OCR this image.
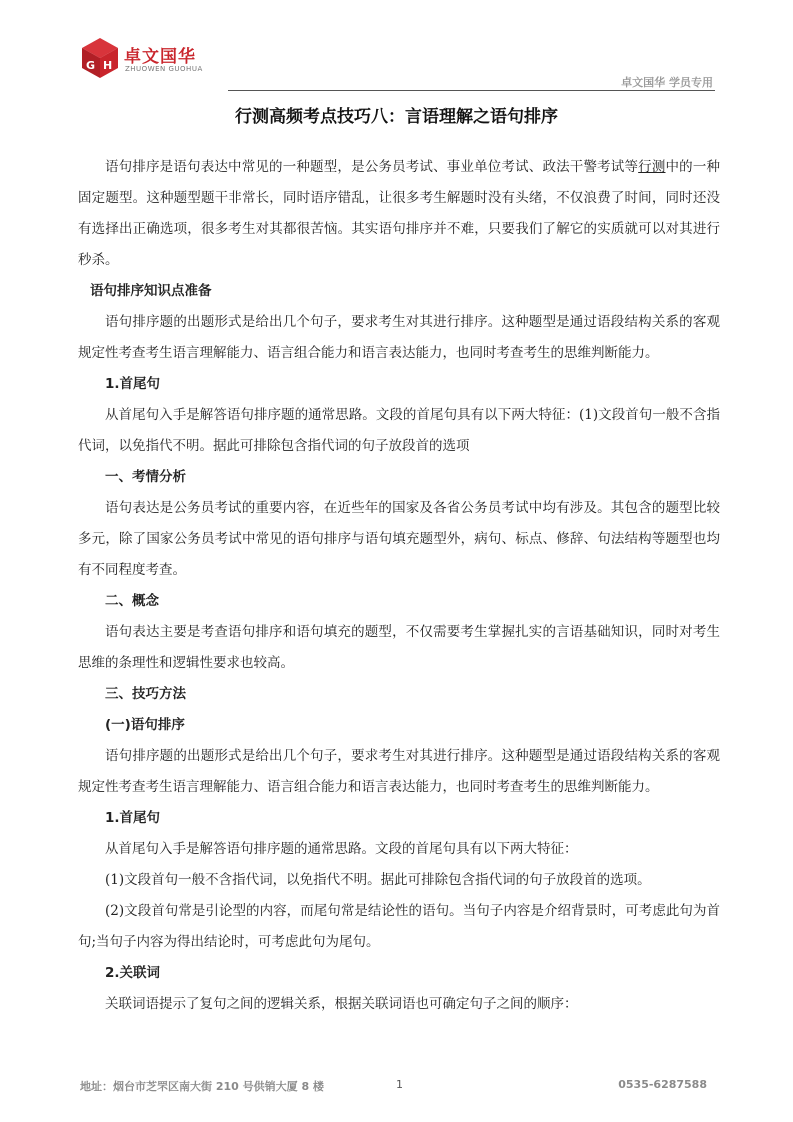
G H 卓文国华
ZHUOWEN GUOHUA
卓文国华 学员专用
行测高频考点技巧八：言语理解之语句排序

语句排序是语句表达中常见的一种题型，是公务员考试、事业单位考试、政法干警考试等行测中的一种固定题型。这种题型题干非常长，同时语序错乱，让很多考生解题时没有头绪，不仅浪费了时间，同时还没有选择出正确选项，很多考生对其都很苦恼。其实语句排序并不难，只要我们了解它的实质就可以对其进行秒杀。

语句排序知识点准备

语句排序题的出题形式是给出几个句子，要求考生对其进行排序。这种题型是通过语段结构关系的客观规定性考查考生语言理解能力、语言组合能力和语言表达能力，也同时考查考生的思维判断能力。

1.首尾句

从首尾句入手是解答语句排序题的通常思路。文段的首尾句具有以下两大特征：(1)文段首句一般不含指代词，以免指代不明。据此可排除包含指代词的句子放段首的选项

一、考情分析

语句表达是公务员考试的重要内容，在近些年的国家及各省公务员考试中均有涉及。其包含的题型比较多元，除了国家公务员考试中常见的语句排序与语句填充题型外，病句、标点、修辞、句法结构等题型也均有不同程度考查。

二、概念

语句表达主要是考查语句排序和语句填充的题型，不仅需要考生掌握扎实的言语基础知识，同时对考生思维的条理性和逻辑性要求也较高。

三、技巧方法

(一)语句排序

语句排序题的出题形式是给出几个句子，要求考生对其进行排序。这种题型是通过语段结构关系的客观规定性考查考生语言理解能力、语言组合能力和语言表达能力，也同时考查考生的思维判断能力。

1.首尾句

从首尾句入手是解答语句排序题的通常思路。文段的首尾句具有以下两大特征：

(1)文段首句一般不含指代词，以免指代不明。据此可排除包含指代词的句子放段首的选项。

(2)文段首句常是引论型的内容，而尾句常是结论性的语句。当句子内容是介绍背景时，可考虑此句为首句;当句子内容为得出结论时，可考虑此句为尾句。

2.关联词

关联词语提示了复句之间的逻辑关系，根据关联词语也可确定句子之间的顺序：

地址：烟台市芝罘区南大街 210 号供销大厦 8 楼	1	0535-6287588
